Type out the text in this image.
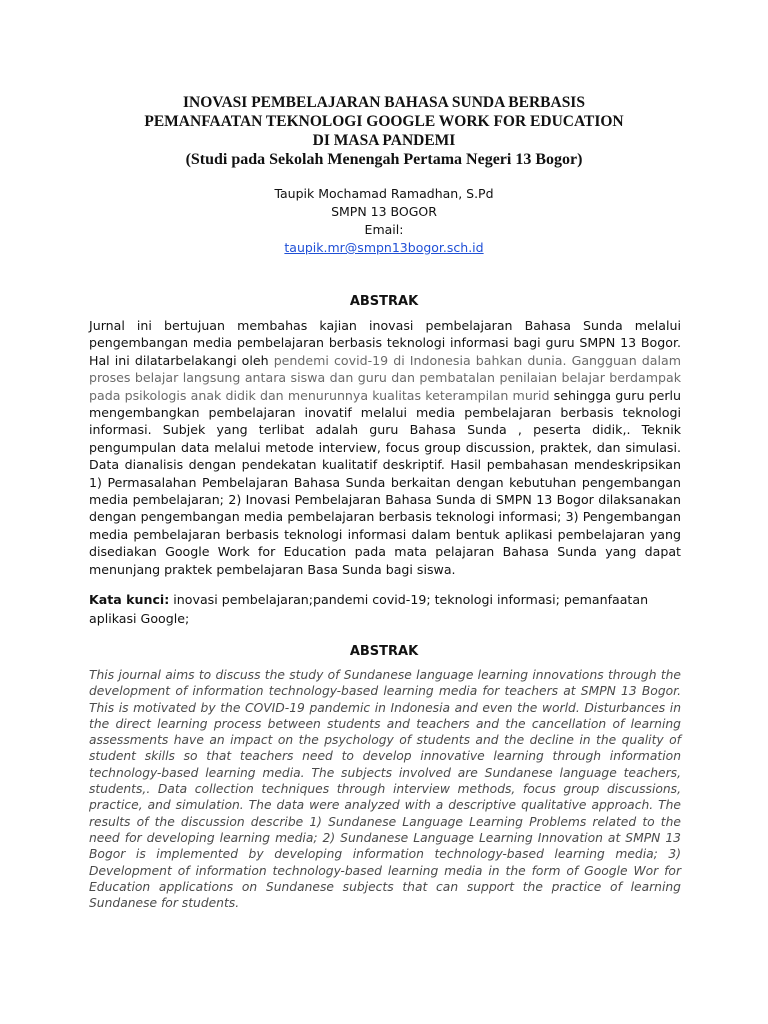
INOVASI PEMBELAJARAN BAHASA SUNDA BERBASIS
PEMANFAATAN TEKNOLOGI GOOGLE WORK FOR EDUCATION
DI MASA PANDEMI
(Studi pada Sekolah Menengah Pertama Negeri 13 Bogor)
Taupik Mochamad Ramadhan, S.Pd
SMPN 13 BOGOR
Email:
taupik.mr@smpn13bogor.sch.id
ABSTRAK

Jurnal ini bertujuan membahas kajian inovasi pembelajaran Bahasa Sunda melalui pengembangan media pembelajaran berbasis teknologi informasi bagi guru SMPN 13 Bogor. Hal ini dilatarbelakangi oleh pendemi covid-19 di Indonesia bahkan dunia. Gangguan dalam proses belajar langsung antara siswa dan guru dan pembatalan penilaian belajar berdampak pada psikologis anak didik dan menurunnya kualitas keterampilan murid sehingga guru perlu mengembangkan pembelajaran inovatif melalui media pembelajaran berbasis teknologi informasi. Subjek yang terlibat adalah guru Bahasa Sunda , peserta didik,. Teknik pengumpulan data melalui metode interview, focus group discussion, praktek, dan simulasi. Data dianalisis dengan pendekatan kualitatif deskriptif. Hasil pembahasan mendeskripsikan 1) Permasalahan Pembelajaran Bahasa Sunda berkaitan dengan kebutuhan pengembangan media pembelajaran; 2) Inovasi Pembelajaran Bahasa Sunda di SMPN 13 Bogor dilaksanakan dengan pengembangan media pembelajaran berbasis teknologi informasi; 3) Pengembangan media pembelajaran berbasis teknologi informasi dalam bentuk aplikasi pembelajaran yang disediakan Google Work for Education pada mata pelajaran Bahasa Sunda yang dapat menunjang praktek pembelajaran Basa Sunda bagi siswa.

Kata kunci: inovasi pembelajaran;pandemi covid-19; teknologi informasi; pemanfaatan aplikasi Google;

ABSTRAK

This journal aims to discuss the study of Sundanese language learning innovations through the development of information technology-based learning media for teachers at SMPN 13 Bogor. This is motivated by the COVID-19 pandemic in Indonesia and even the world. Disturbances in the direct learning process between students and teachers and the cancellation of learning assessments have an impact on the psychology of students and the decline in the quality of student skills so that teachers need to develop innovative learning through information technology-based learning media. The subjects involved are Sundanese language teachers, students,. Data collection techniques through interview methods, focus group discussions, practice, and simulation. The data were analyzed with a descriptive qualitative approach. The results of the discussion describe 1) Sundanese Language Learning Problems related to the need for developing learning media; 2) Sundanese Language Learning Innovation at SMPN 13 Bogor is implemented by developing information technology-based learning media; 3) Development of information technology-based learning media in the form of Google Wor for Education applications on Sundanese subjects that can support the practice of learning Sundanese for students.
